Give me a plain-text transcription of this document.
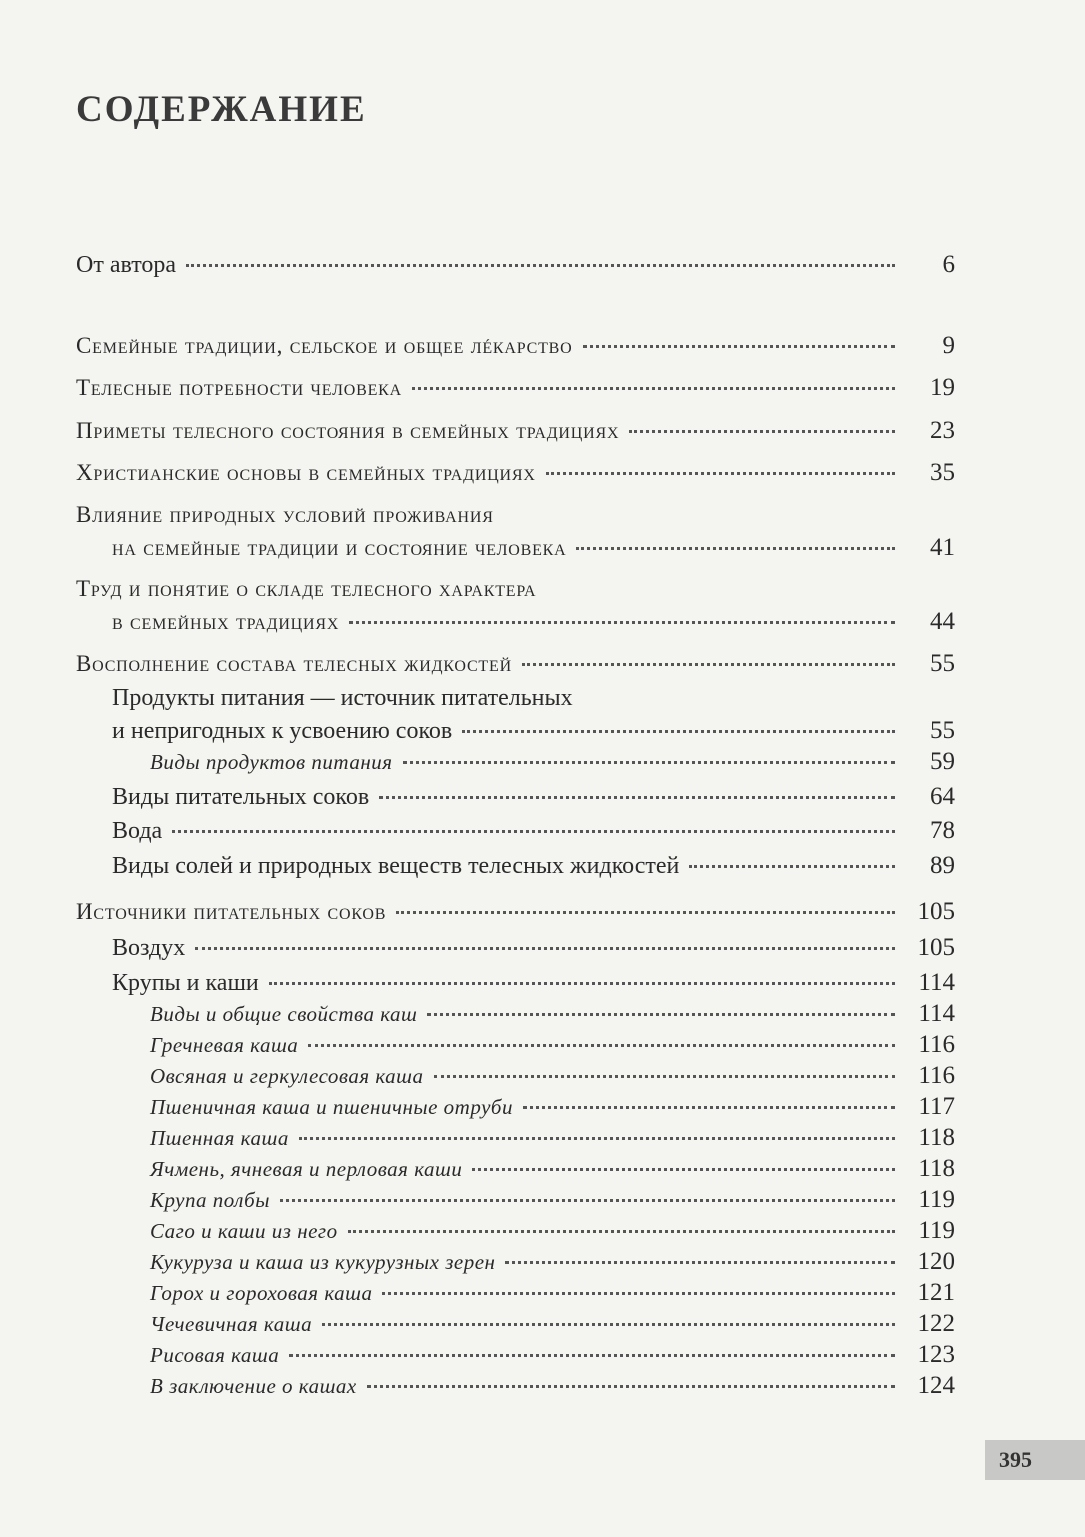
СОДЕРЖАНИЕ
От автора	6
Семейные традиции, сельское и общее лéкарство	9
Телесные потребности человека	19
Приметы телесного состояния в семейных традициях	23
Христианские основы в семейных традициях	35
Влияние природных условий проживания
на семейные традиции и состояние человека	41
Труд и понятие о складе телесного характера
в семейных традициях	44
Восполнение состава телесных жидкостей	55
Продукты питания — источник питательных
и непригодных к усвоению соков	55
Виды продуктов питания	59
Виды питательных соков	64
Вода	78
Виды солей и природных веществ телесных жидкостей	89
Источники питательных соков	105
Воздух	105
Крупы и каши	114
Виды и общие свойства каш	114
Гречневая каша	116
Овсяная и геркулесовая каша	116
Пшеничная каша и пшеничные отруби	117
Пшенная каша	118
Ячмень, ячневая и перловая каши	118
Крупа полбы	119
Саго и каши из него	119
Кукуруза и каша из кукурузных зерен	120
Горох и гороховая каша	121
Чечевичная каша	122
Рисовая каша	123
В заключение о кашах	124
395
